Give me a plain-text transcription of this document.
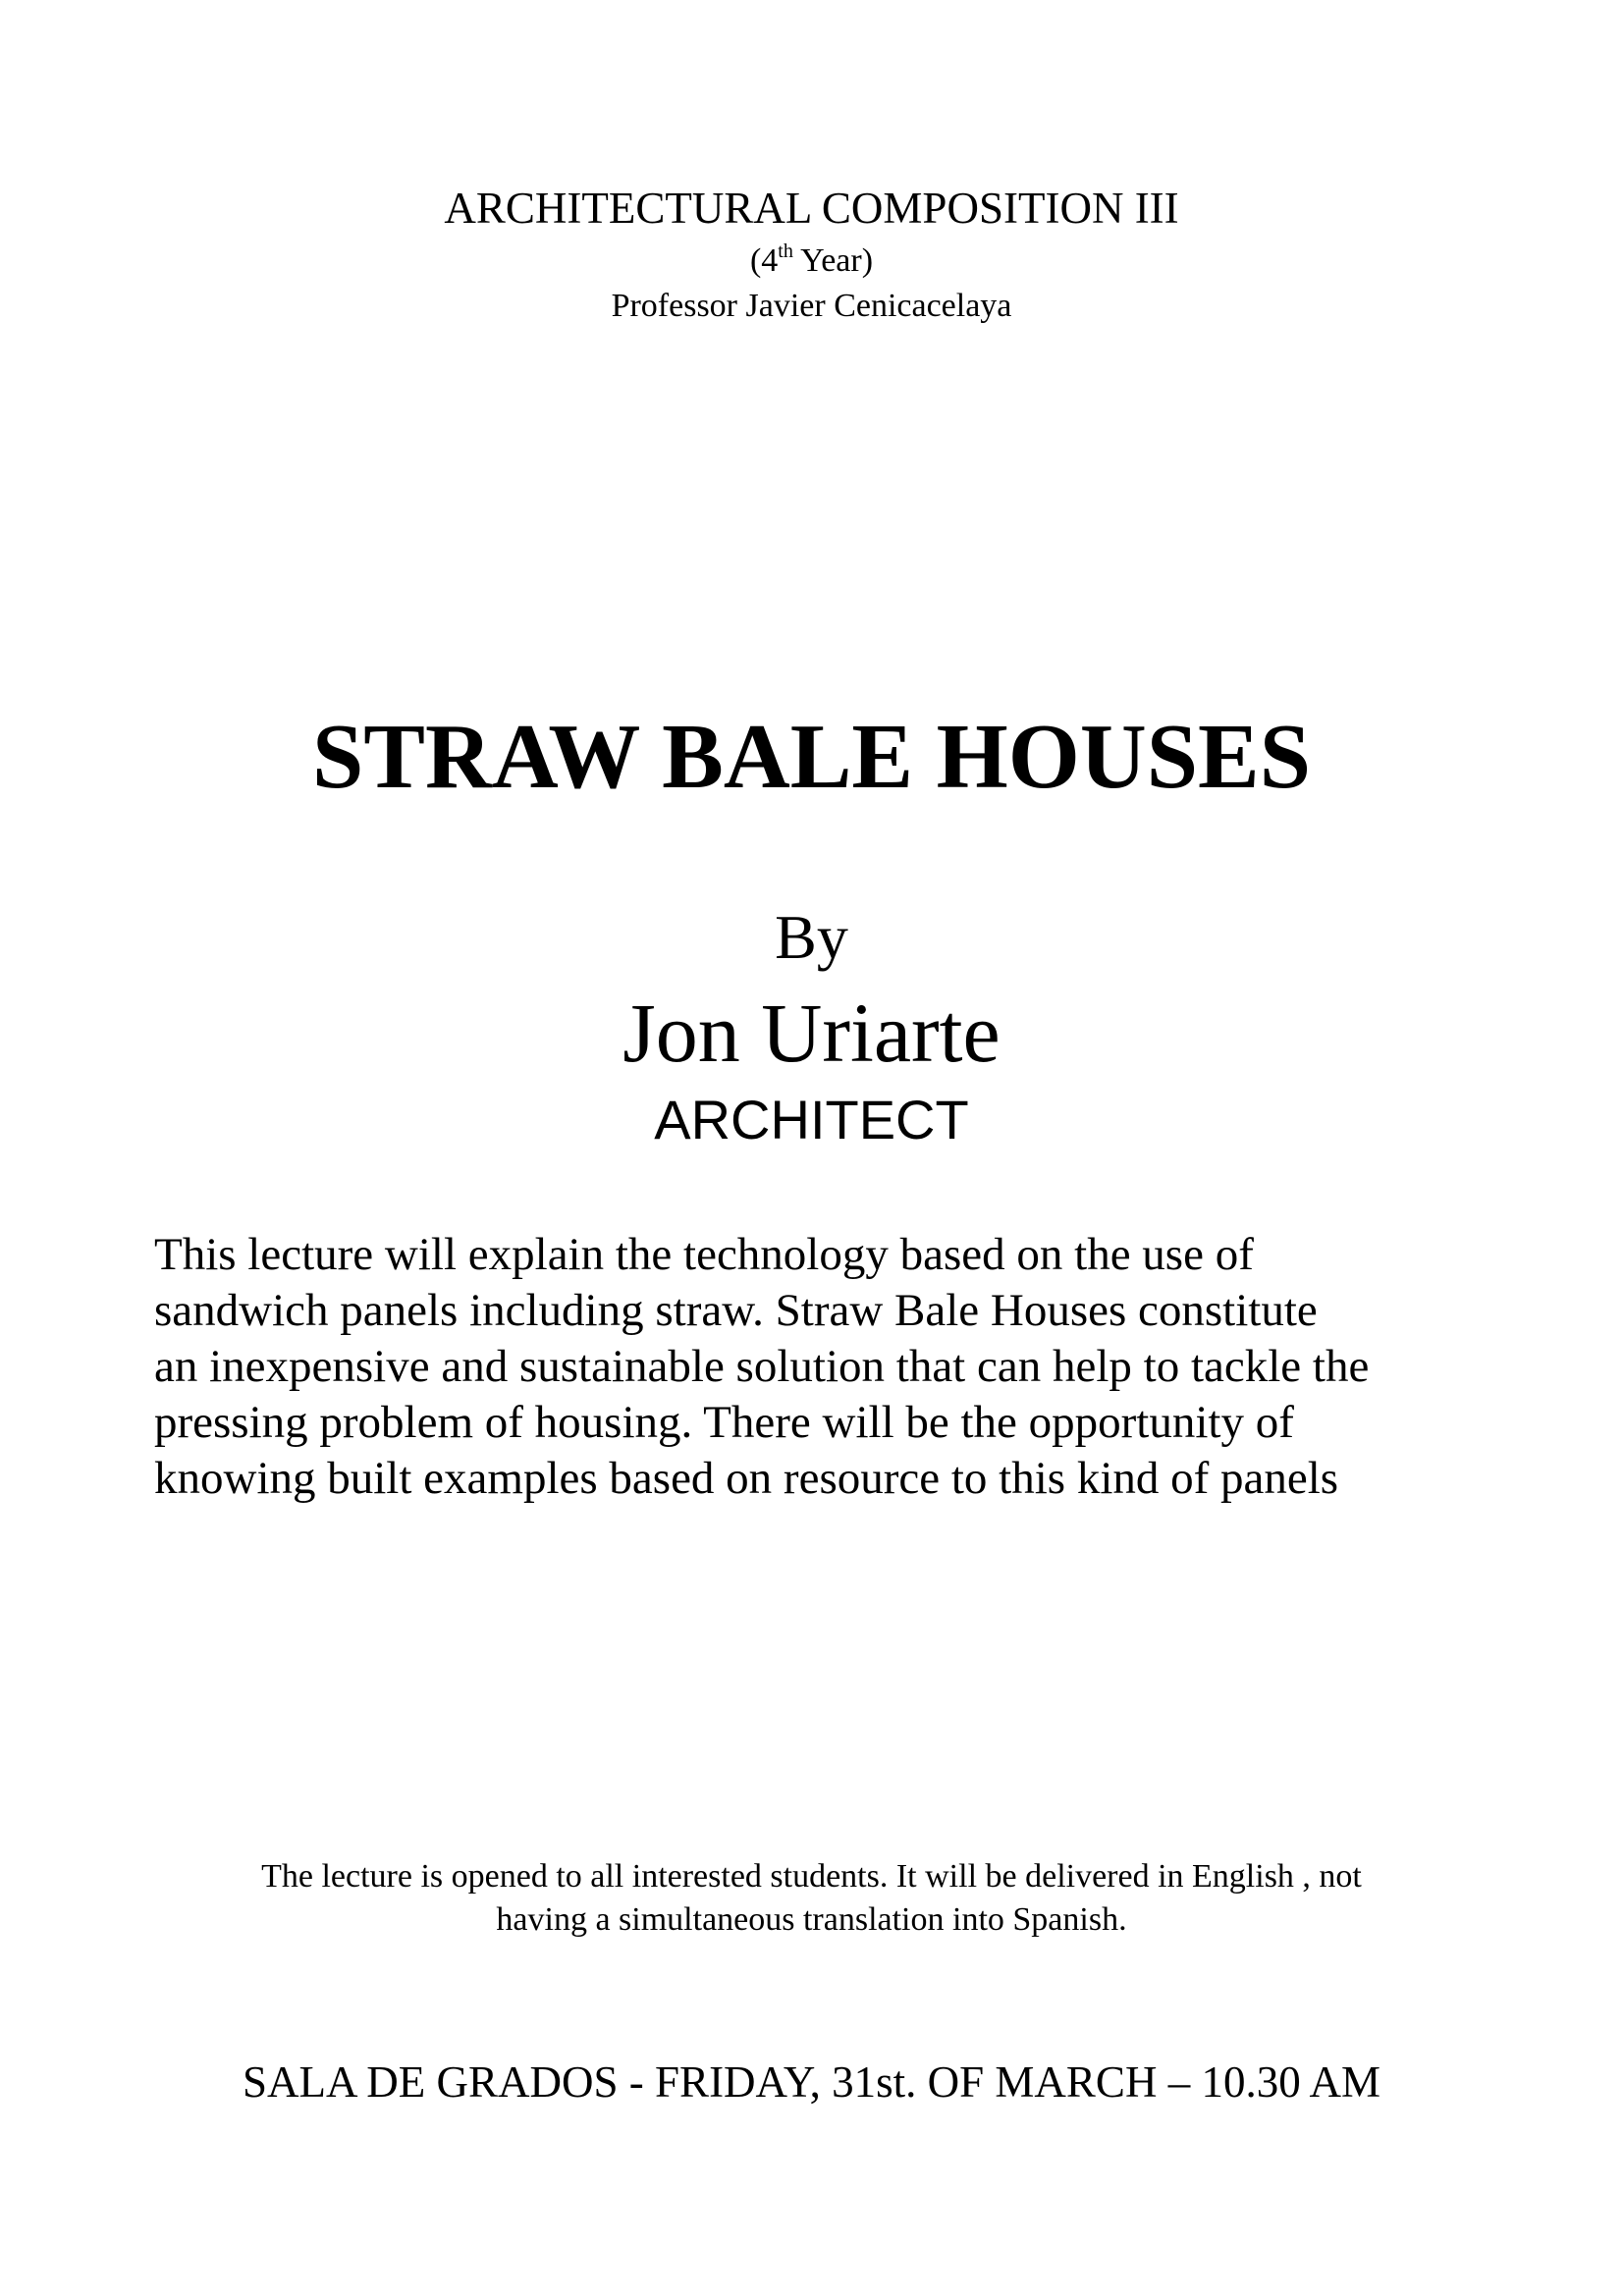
ARCHITECTURAL COMPOSITION III
(4th Year)
Professor Javier Cenicacelaya
STRAW BALE HOUSES
By
Jon Uriarte
ARCHITECT
This lecture will explain the technology based on the use of
sandwich panels including straw. Straw Bale Houses constitute
an inexpensive and sustainable solution that can help to tackle the
pressing problem of housing. There will be the opportunity of
knowing built examples based on resource to this kind of panels
The lecture is opened to all interested students. It will be delivered in English , not
having a simultaneous translation into Spanish.
SALA DE GRADOS - FRIDAY, 31st. OF MARCH – 10.30 AM
